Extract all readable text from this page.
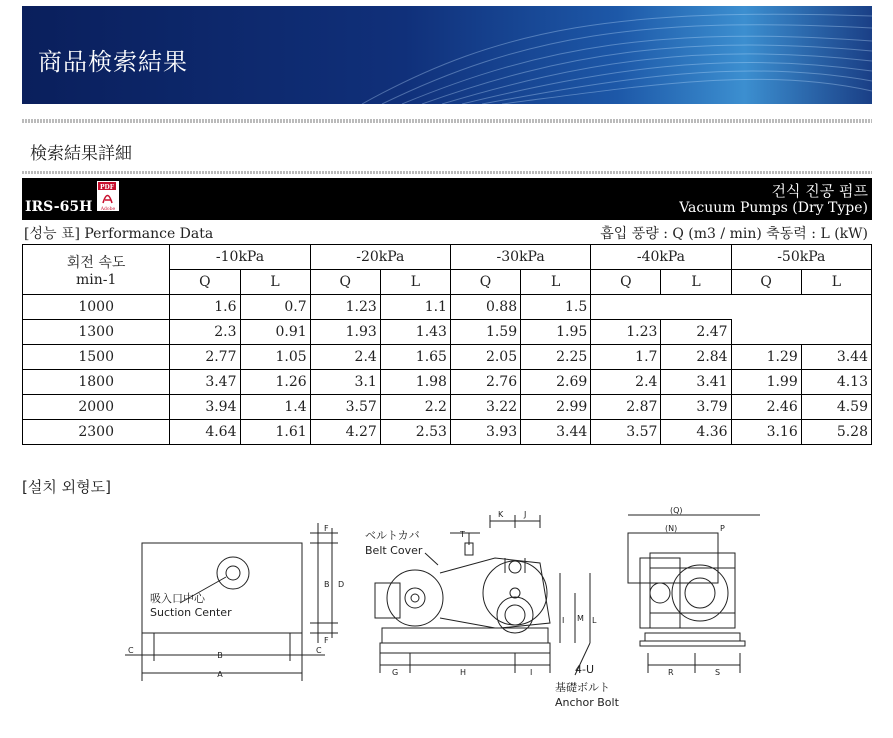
商品検索結果
検索結果詳細
IRS-65H
PDF
Adobe
건식 진공 펌프
Vacuum Pumps (Dry Type)
[성능 표] Performance Data	흡입 풍량 : Q (m3 / min) 축동력 : L (kW)
회전 속도
min-1	-10kPa		-20kPa		-30kPa		-40kPa		-50kPa	
	Q	L	Q	L	Q	L	Q	L	Q	L
1000	1.6	0.7	1.23	1.1	0.88	1.5				
1300	2.3	0.91	1.93	1.43	1.59	1.95	1.23	2.47		
1500	2.77	1.05	2.4	1.65	2.05	2.25	1.7	2.84	1.29	3.44
1800	3.47	1.26	3.1	1.98	2.76	2.69	2.4	3.41	1.99	4.13
2000	3.94	1.4	3.57	2.2	3.22	2.99	2.87	3.79	2.46	4.59
2300	4.64	1.61	4.27	2.53	3.93	3.44	3.57	4.36	3.16	5.28
[설치 외형도]
B
A
C	C
B D
F
F
G	H	I
K	J
T
I M L
(Q)
(N)	P
R	S
吸入口中心
Suction Center
ベルトカバ
Belt Cover
4-U
基礎ボルト
Anchor Bolt
